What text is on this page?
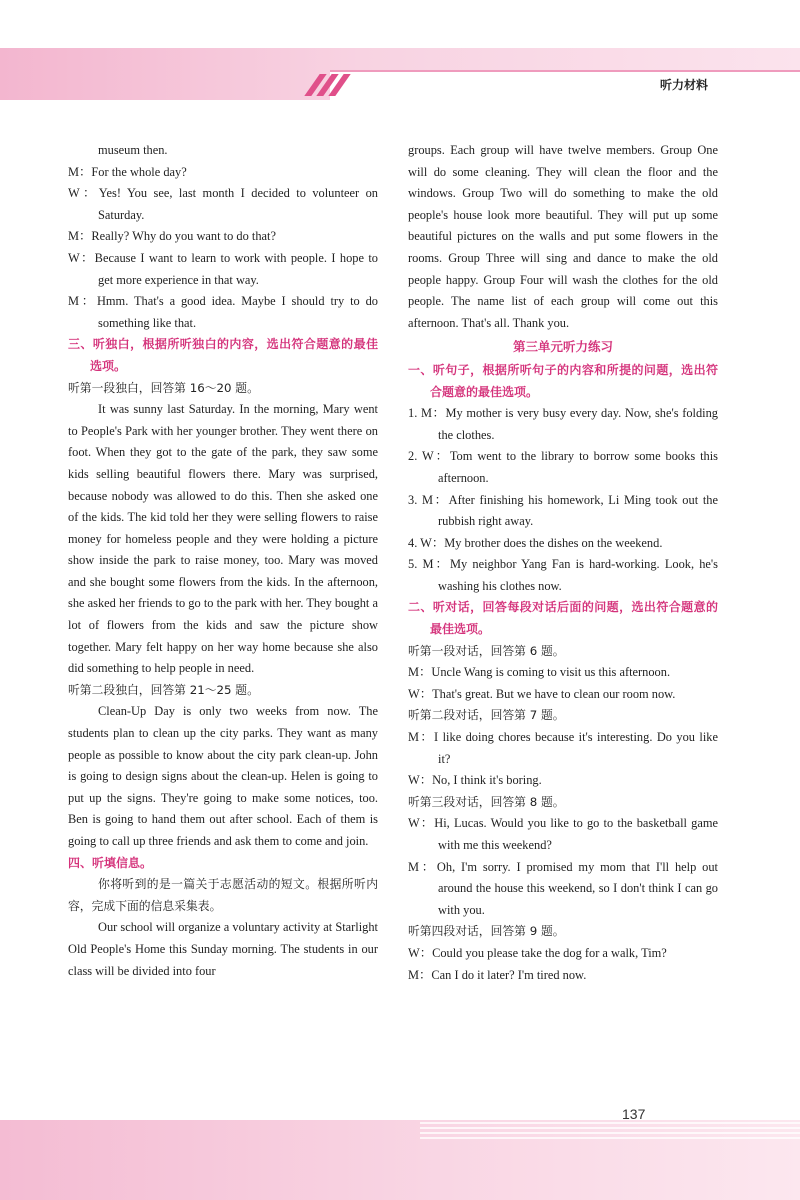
听力材料

museum then.

M：For the whole day?

W：Yes! You see, last month I decided to volunteer on Saturday.

M：Really? Why do you want to do that?

W：Because I want to learn to work with people. I hope to get more experience in that way.

M：Hmm. That's a good idea. Maybe I should try to do something like that.

三、听独白，根据所听独白的内容，选出符合题意的最佳选项。

听第一段独白，回答第 16～20 题。

It was sunny last Saturday. In the morning, Mary went to People's Park with her younger brother. They went there on foot. When they got to the gate of the park, they saw some kids selling beautiful flowers there. Mary was surprised, because nobody was allowed to do this. Then she asked one of the kids. The kid told her they were selling flowers to raise money for homeless people and they were holding a picture show inside the park to raise money, too. Mary was moved and she bought some flowers from the kids. In the afternoon, she asked her friends to go to the park with her. They bought a lot of flowers from the kids and saw the picture show together. Mary felt happy on her way home because she also did something to help people in need.

听第二段独白，回答第 21～25 题。

Clean-Up Day is only two weeks from now. The students plan to clean up the city parks. They want as many people as possible to know about the city park clean-up. John is going to design signs about the clean-up. Helen is going to put up the signs. They're going to make some notices, too. Ben is going to hand them out after school. Each of them is going to call up three friends and ask them to come and join.

四、听填信息。

你将听到的是一篇关于志愿活动的短文。根据所听内容，完成下面的信息采集表。

Our school will organize a voluntary activity at Starlight Old People's Home this Sunday morning. The students in our class will be divided into four

groups. Each group will have twelve members. Group One will do some cleaning. They will clean the floor and the windows. Group Two will do something to make the old people's house look more beautiful. They will put up some beautiful pictures on the walls and put some flowers in the rooms. Group Three will sing and dance to make the old people happy. Group Four will wash the clothes for the old people. The name list of each group will come out this afternoon. That's all. Thank you.

第三单元听力练习

一、听句子，根据所听句子的内容和所提的问题，选出符合题意的最佳选项。

1. M：My mother is very busy every day. Now, she's folding the clothes.

2. W：Tom went to the library to borrow some books this afternoon.

3. M：After finishing his homework, Li Ming took out the rubbish right away.

4. W：My brother does the dishes on the weekend.

5. M：My neighbor Yang Fan is hard-working. Look, he's washing his clothes now.

二、听对话，回答每段对话后面的问题，选出符合题意的最佳选项。

听第一段对话，回答第 6 题。

M：Uncle Wang is coming to visit us this afternoon.

W：That's great. But we have to clean our room now.

听第二段对话，回答第 7 题。

M：I like doing chores because it's interesting. Do you like it?

W：No, I think it's boring.

听第三段对话，回答第 8 题。

W：Hi, Lucas. Would you like to go to the basketball game with me this weekend?

M：Oh, I'm sorry. I promised my mom that I'll help out around the house this weekend, so I don't think I can go with you.

听第四段对话，回答第 9 题。

W：Could you please take the dog for a walk, Tim?

M：Can I do it later? I'm tired now.

137
